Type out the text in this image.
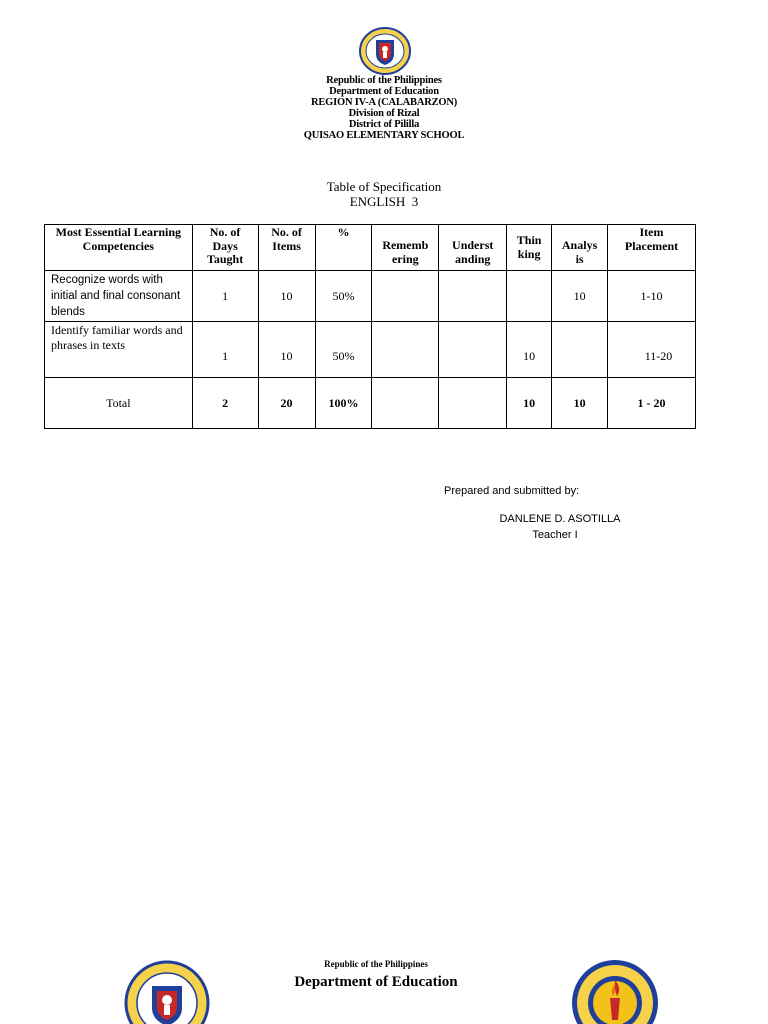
Republic of the Philippines
Department of Education
REGION IV-A (CALABARZON)
Division of Rizal
District of Pililla
QUISAO ELEMENTARY SCHOOL
Table of Specification
ENGLISH  3
Most Essential Learning Competencies	No. of Days Taught	No. of Items	%	Rememb ering	Underst anding	Thin king	Analys is	Item Placement
Recognize words with initial and final consonant blends	1	10	50%				10	1-10
Identify familiar words and phrases in texts	1	10	50%			10		11-20
Total	2	20	100%			10	10	1 - 20
Prepared and submitted by:
DANLENE D. ASOTILLA
Teacher I
Republic of the Philippines
Department of Education
